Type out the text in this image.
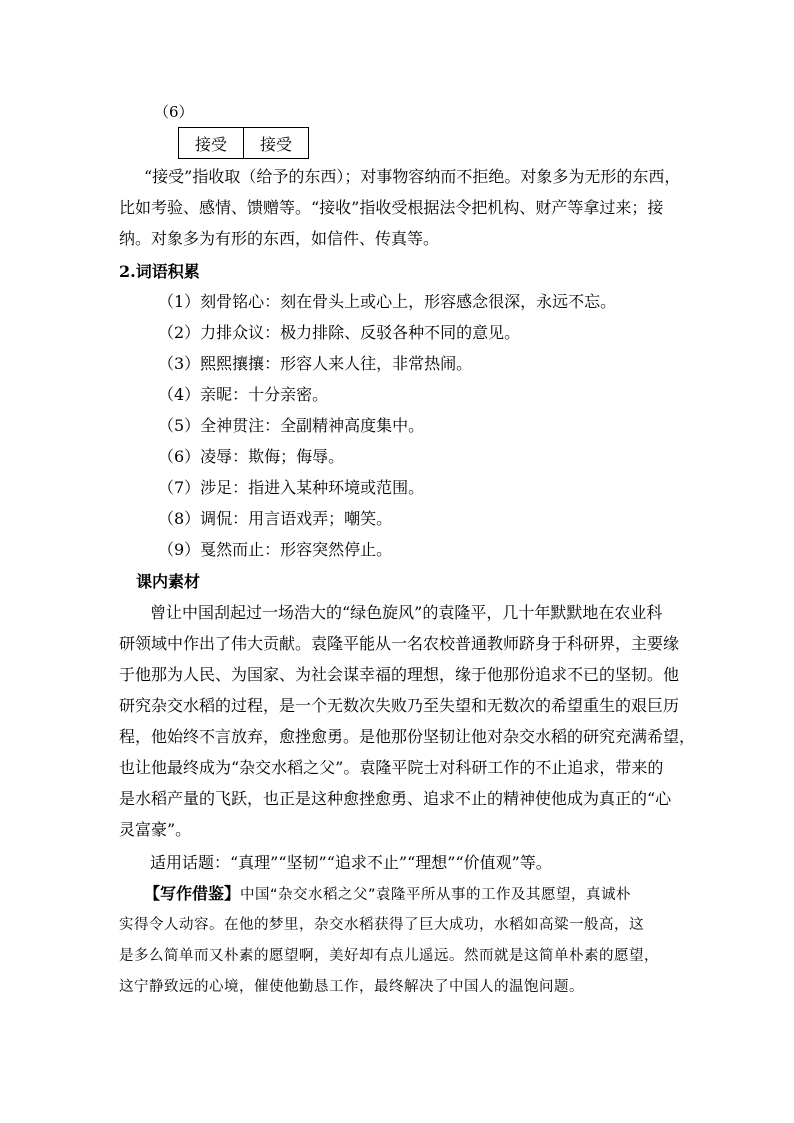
（6）
接受	接受
“接受”指收取（给予的东西）；对事物容纳而不拒绝。对象多为无形的东西，
比如考验、感情、馈赠等。“接收”指收受根据法令把机构、财产等拿过来；接
纳。对象多为有形的东西，如信件、传真等。
2.词语积累
（1）刻骨铭心：刻在骨头上或心上，形容感念很深，永远不忘。
（2）力排众议：极力排除、反驳各种不同的意见。
（3）熙熙攘攘：形容人来人往，非常热闹。
（4）亲昵：十分亲密。
（5）全神贯注：全副精神高度集中。
（6）凌辱：欺侮；侮辱。
（7）涉足：指进入某种环境或范围。
（8）调侃：用言语戏弄；嘲笑。
（9）戛然而止：形容突然停止。
课内素材
曾让中国刮起过一场浩大的“绿色旋风”的袁隆平，几十年默默地在农业科
研领域中作出了伟大贡献。袁隆平能从一名农校普通教师跻身于科研界，主要缘
于他那为人民、为国家、为社会谋幸福的理想，缘于他那份追求不已的坚韧。他
研究杂交水稻的过程，是一个无数次失败乃至失望和无数次的希望重生的艰巨历
程，他始终不言放弃，愈挫愈勇。是他那份坚韧让他对杂交水稻的研究充满希望，
也让他最终成为“杂交水稻之父”。袁隆平院士对科研工作的不止追求，带来的
是水稻产量的飞跃，也正是这种愈挫愈勇、追求不止的精神使他成为真正的“心
灵富豪”。
适用话题：“真理”“坚韧”“追求不止”“理想”“价值观”等。
【写作借鉴】中国“杂交水稻之父”袁隆平所从事的工作及其愿望，真诚朴
实得令人动容。在他的梦里，杂交水稻获得了巨大成功，水稻如高粱一般高，这
是多么简单而又朴素的愿望啊，美好却有点儿遥远。然而就是这简单朴素的愿望，
这宁静致远的心境，催使他勤恳工作，最终解决了中国人的温饱问题。
